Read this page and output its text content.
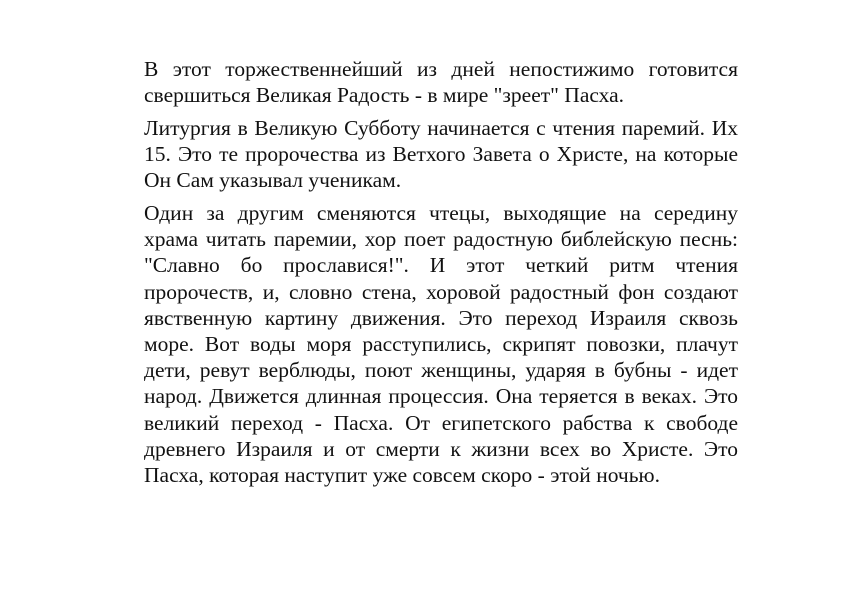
В этот торжественнейший из дней непостижимо готовится свершиться Великая Радость - в мире "зреет" Пасха.

Литургия в Великую Субботу начинается с чтения паремий. Их 15. Это те пророчества из Ветхого Завета о Христе, на которые Он Сам указывал ученикам.

Один за другим сменяются чтецы, выходящие на середину храма читать паремии, хор поет радостную библейскую песнь: "Славно бо прославися!". И этот четкий ритм чтения пророчеств, и, словно стена, хоровой радостный фон создают явственную картину движения. Это переход Израиля сквозь море. Вот воды моря расступились, скрипят повозки, плачут дети, ревут верблюды, поют женщины, ударяя в бубны - идет народ. Движется длинная процессия. Она теряется в веках. Это великий переход - Пасха. От египетского рабства к свободе древнего Израиля и от смерти к жизни всех во Христе. Это Пасха, которая наступит уже совсем скоро - этой ночью.
